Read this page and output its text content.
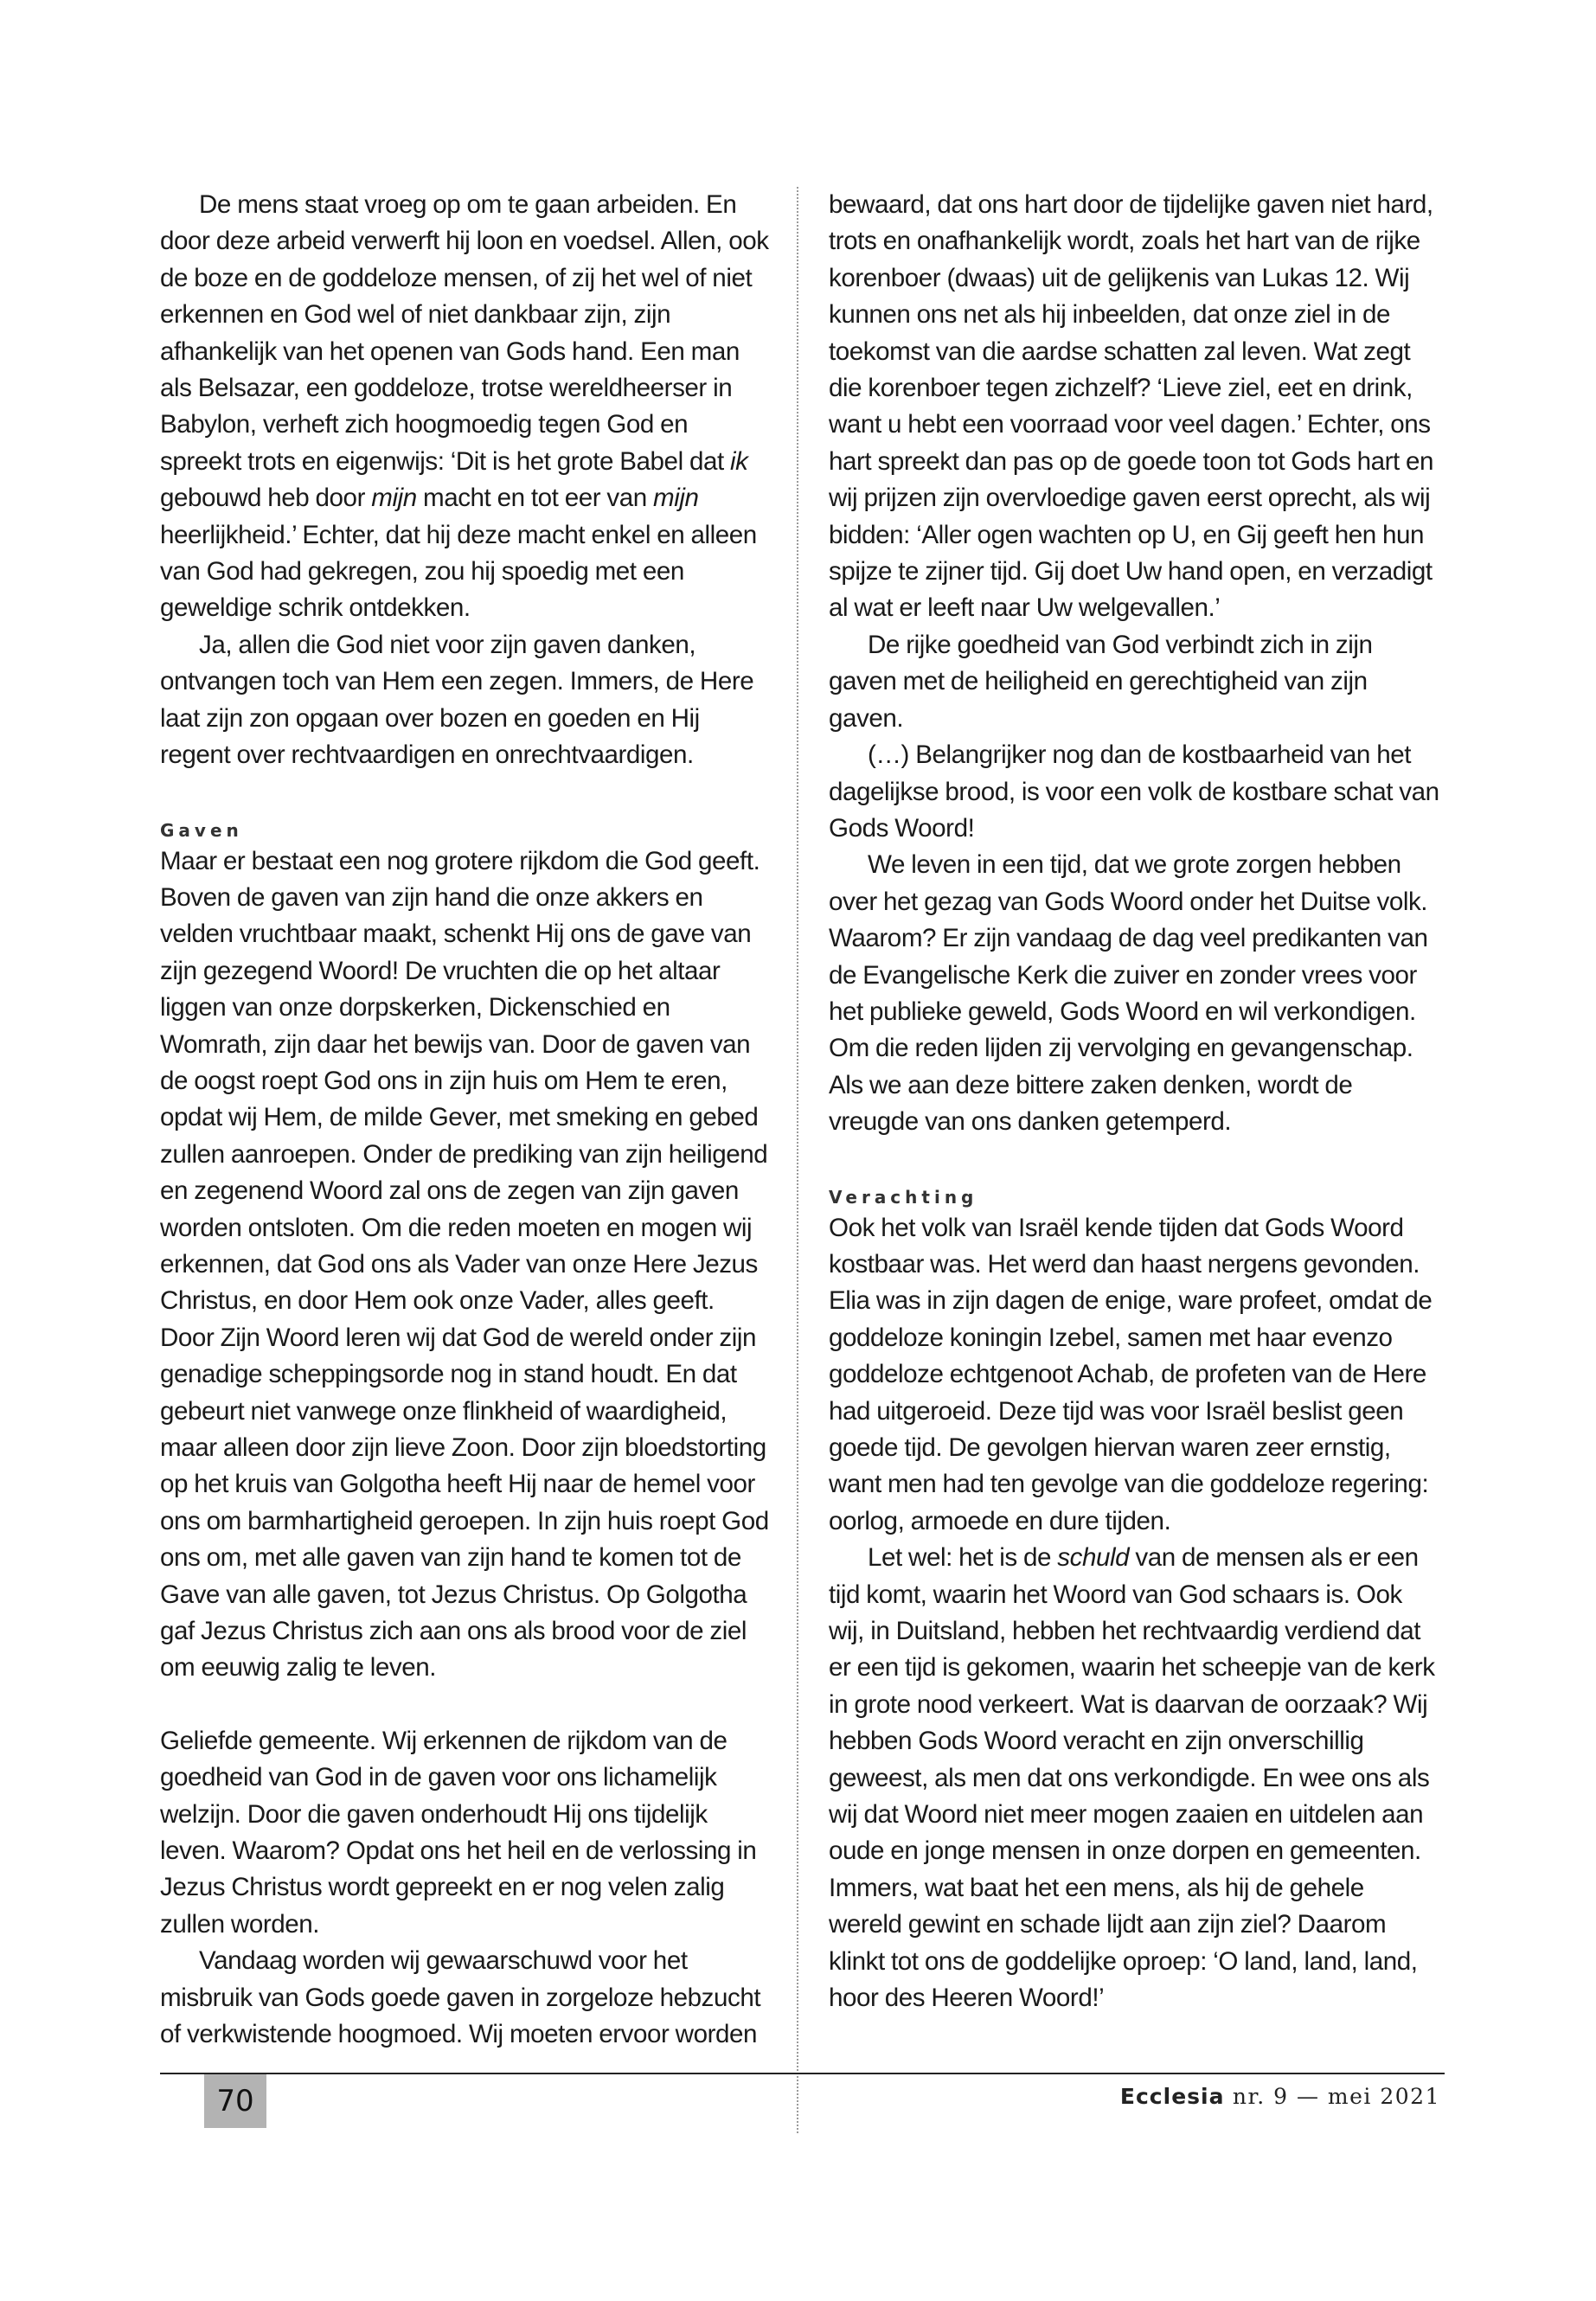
De mens staat vroeg op om te gaan arbeiden. En door deze arbeid verwerft hij loon en voedsel. Allen, ook de boze en de goddeloze mensen, of zij het wel of niet erkennen en God wel of niet dankbaar zijn, zijn afhankelijk van het openen van Gods hand. Een man als Belsazar, een goddeloze, trotse wereldheerser in Babylon, verheft zich hoogmoedig tegen God en spreekt trots en eigenwijs: ‘Dit is het grote Babel dat ik gebouwd heb door mijn macht en tot eer van mijn heerlijkheid.’ Echter, dat hij deze macht enkel en alleen van God had gekregen, zou hij spoedig met een geweldige schrik ontdekken.

Ja, allen die God niet voor zijn gaven danken, ontvangen toch van Hem een zegen. Immers, de Here laat zijn zon opgaan over bozen en goeden en Hij regent over rechtvaardigen en onrechtvaardigen.

Gaven

Maar er bestaat een nog grotere rijkdom die God geeft. Boven de gaven van zijn hand die onze akkers en velden vruchtbaar maakt, schenkt Hij ons de gave van zijn gezegend Woord! De vruchten die op het altaar liggen van onze dorpskerken, Dickenschied en Womrath, zijn daar het bewijs van. Door de gaven van de oogst roept God ons in zijn huis om Hem te eren, opdat wij Hem, de milde Gever, met smeking en gebed zullen aanroepen. Onder de prediking van zijn heiligend en zegenend Woord zal ons de zegen van zijn gaven worden ontsloten. Om die reden moeten en mogen wij erkennen, dat God ons als Vader van onze Here Jezus Christus, en door Hem ook onze Vader, alles geeft. Door Zijn Woord leren wij dat God de wereld onder zijn genadige scheppingsorde nog in stand houdt. En dat gebeurt niet vanwege onze flinkheid of waardigheid, maar alleen door zijn lieve Zoon. Door zijn bloedstorting op het kruis van Golgotha heeft Hij naar de hemel voor ons om barmhartigheid geroepen. In zijn huis roept God ons om, met alle gaven van zijn hand te komen tot de Gave van alle gaven, tot Jezus Christus. Op Golgotha gaf Jezus Christus zich aan ons als brood voor de ziel om eeuwig zalig te leven.

Geliefde gemeente. Wij erkennen de rijkdom van de goedheid van God in de gaven voor ons lichamelijk welzijn. Door die gaven onderhoudt Hij ons tijdelijk leven. Waarom? Opdat ons het heil en de verlossing in Jezus Christus wordt gepreekt en er nog velen zalig zullen worden.

Vandaag worden wij gewaarschuwd voor het misbruik van Gods goede gaven in zorgeloze hebzucht of verkwistende hoogmoed. Wij moeten ervoor worden

bewaard, dat ons hart door de tijdelijke gaven niet hard, trots en onafhankelijk wordt, zoals het hart van de rijke korenboer (dwaas) uit de gelijkenis van Lukas 12. Wij kunnen ons net als hij inbeelden, dat onze ziel in de toekomst van die aardse schatten zal leven. Wat zegt die korenboer tegen zichzelf? ‘Lieve ziel, eet en drink, want u hebt een voorraad voor veel dagen.’ Echter, ons hart spreekt dan pas op de goede toon tot Gods hart en wij prijzen zijn overvloedige gaven eerst oprecht, als wij bidden: ‘Aller ogen wachten op U, en Gij geeft hen hun spijze te zijner tijd. Gij doet Uw hand open, en verzadigt al wat er leeft naar Uw welgevallen.’

De rijke goedheid van God verbindt zich in zijn gaven met de heiligheid en gerechtigheid van zijn gaven.

(…) Belangrijker nog dan de kostbaarheid van het dagelijkse brood, is voor een volk de kostbare schat van Gods Woord!

We leven in een tijd, dat we grote zorgen hebben over het gezag van Gods Woord onder het Duitse volk. Waarom? Er zijn vandaag de dag veel predikanten van de Evangelische Kerk die zuiver en zonder vrees voor het publieke geweld, Gods Woord en wil verkondigen. Om die reden lijden zij vervolging en gevangenschap. Als we aan deze bittere zaken denken, wordt de vreugde van ons danken getemperd.

Verachting

Ook het volk van Israël kende tijden dat Gods Woord kostbaar was. Het werd dan haast nergens gevonden. Elia was in zijn dagen de enige, ware profeet, omdat de goddeloze koningin Izebel, samen met haar evenzo goddeloze echtgenoot Achab, de profeten van de Here had uitgeroeid. Deze tijd was voor Israël beslist geen goede tijd. De gevolgen hiervan waren zeer ernstig, want men had ten gevolge van die goddeloze regering: oorlog, armoede en dure tijden.

Let wel: het is de schuld van de mensen als er een tijd komt, waarin het Woord van God schaars is. Ook wij, in Duitsland, hebben het rechtvaardig verdiend dat er een tijd is gekomen, waarin het scheepje van de kerk in grote nood verkeert. Wat is daarvan de oorzaak? Wij hebben Gods Woord veracht en zijn onverschillig geweest, als men dat ons verkondigde. En wee ons als wij dat Woord niet meer mogen zaaien en uitdelen aan oude en jonge mensen in onze dorpen en gemeenten. Immers, wat baat het een mens, als hij de gehele wereld gewint en schade lijdt aan zijn ziel? Daarom klinkt tot ons de goddelijke oproep: ‘O land, land, land, hoor des Heeren Woord!’

70	Ecclesia nr. 9 — mei 2021
